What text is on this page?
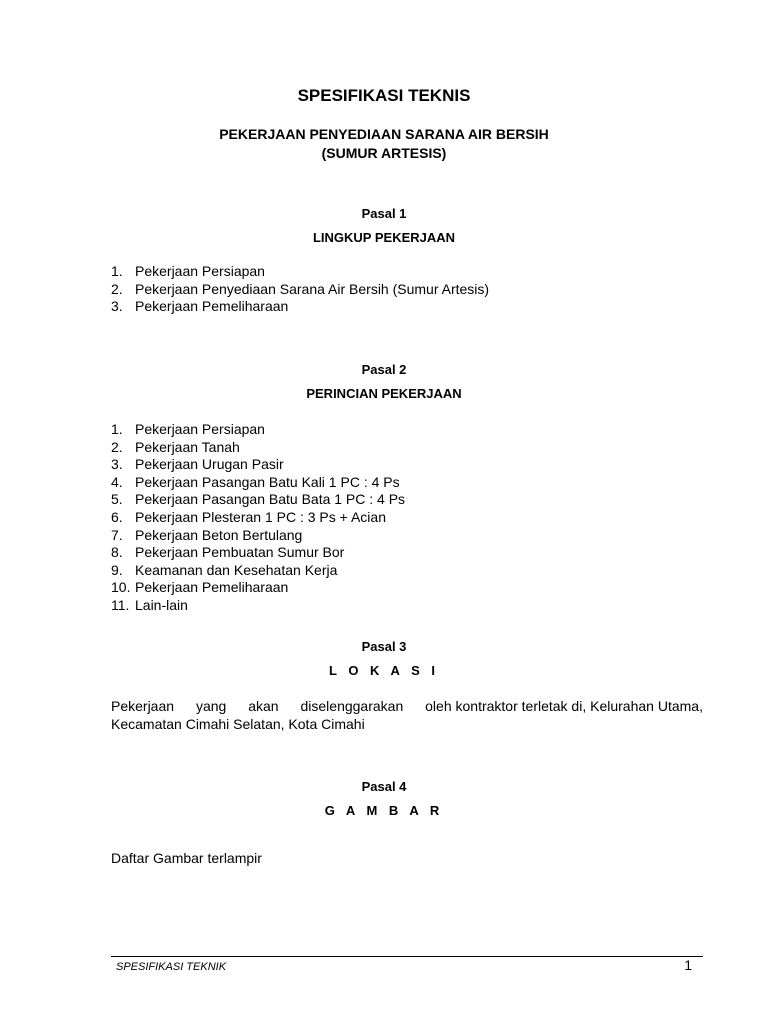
SPESIFIKASI TEKNIS
PEKERJAAN PENYEDIAAN SARANA AIR BERSIH
(SUMUR ARTESIS)
Pasal 1
LINGKUP PEKERJAAN
1. Pekerjaan Persiapan
2. Pekerjaan Penyediaan Sarana Air Bersih (Sumur Artesis)
3. Pekerjaan Pemeliharaan
Pasal 2
PERINCIAN PEKERJAAN
1. Pekerjaan Persiapan
2. Pekerjaan Tanah
3. Pekerjaan Urugan Pasir
4. Pekerjaan Pasangan Batu Kali 1 PC : 4 Ps
5. Pekerjaan Pasangan Batu Bata 1 PC : 4 Ps
6. Pekerjaan Plesteran 1 PC : 3 Ps + Acian
7. Pekerjaan Beton Bertulang
8. Pekerjaan Pembuatan Sumur Bor
9. Keamanan dan Kesehatan Kerja
10. Pekerjaan Pemeliharaan
11. Lain-lain
Pasal 3
L O K A S I
Pekerjaan yang akan diselenggarakan oleh kontraktor terletak di, Kelurahan Utama,
Kecamatan Cimahi Selatan, Kota Cimahi
Pasal 4
G A M B A R
Daftar Gambar terlampir
SPESIFIKASI TEKNIK	1
